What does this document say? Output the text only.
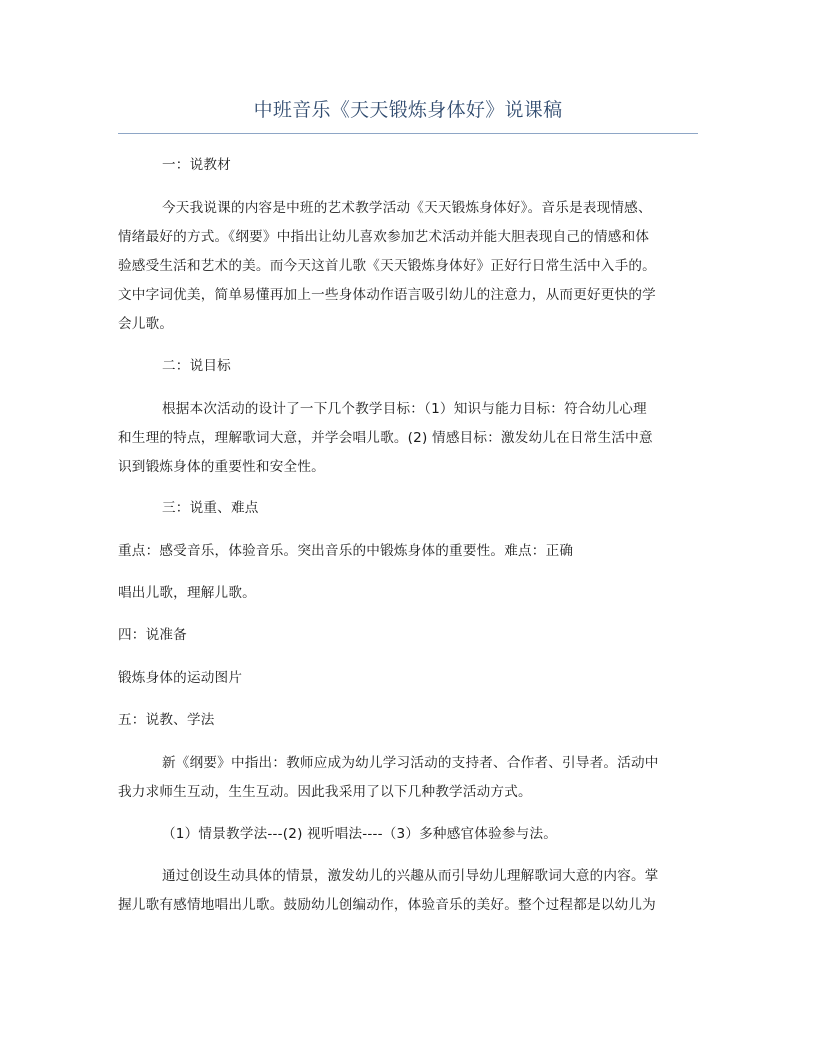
中班音乐《天天锻炼身体好》说课稿
一：说教材
今天我说课的内容是中班的艺术教学活动《天天锻炼身体好》。音乐是表现情感、
情绪最好的方式。《纲要》中指出让幼儿喜欢参加艺术活动并能大胆表现自己的情感和体
验感受生活和艺术的美。而今天这首儿歌《天天锻炼身体好》正好行日常生活中入手的。
文中字词优美，简单易懂再加上一些身体动作语言吸引幼儿的注意力，从而更好更快的学
会儿歌。
二：说目标
根据本次活动的设计了一下几个教学目标：（1）知识与能力目标：符合幼儿心理
和生理的特点，理解歌词大意，并学会唱儿歌。(2) 情感目标：激发幼儿在日常生活中意
识到锻炼身体的重要性和安全性。
三：说重、难点
重点：感受音乐，体验音乐。突出音乐的中锻炼身体的重要性。难点：正确
唱出儿歌，理解儿歌。
四：说准备
锻炼身体的运动图片
五：说教、学法
新《纲要》中指出：教师应成为幼儿学习活动的支持者、合作者、引导者。活动中
我力求师生互动，生生互动。因此我采用了以下几种教学活动方式。
（1）情景教学法---(2) 视听唱法----（3）多种感官体验参与法。
通过创设生动具体的情景，激发幼儿的兴趣从而引导幼儿理解歌词大意的内容。掌
握儿歌有感情地唱出儿歌。鼓励幼儿创编动作，体验音乐的美好。整个过程都是以幼儿为
